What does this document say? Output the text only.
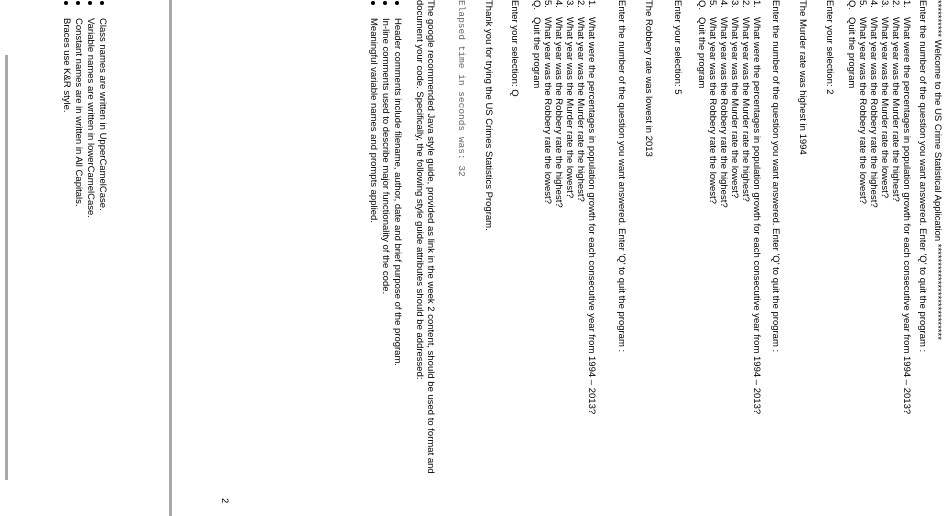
********** Welcome to the US Crime Statistical Application **************************
Enter the number of the question you want answered. Enter 'Q' to quit the program :
1.
What were the percentages in population growth for each consecutive year from 1994 – 2013?
2.
What year was the Murder rate the highest?
3.
What year was the Murder rate the lowest?
4.
What year was the Robbery rate the highest?
5.
What year was the Robbery rate the lowest?
Q.
Quit the program
Enter your selection: 2
The Murder rate was highest in 1994
Enter the number of the question you want answered. Enter 'Q' to quit the program :
1.
What were the percentages in population growth for each consecutive year from 1994 – 2013?
2.
What year was the Murder rate the highest?
3.
What year was the Murder rate the lowest?
4.
What year was the Robbery rate the highest?
5.
What year was the Robbery rate the lowest?
Q.
Quit the program
Enter your selection: 5
The Robbery rate was lowest in 2013
Enter the number of the question you want answered. Enter 'Q' to quit the program :
1.
What were the percentages in population growth for each consecutive year from 1994 – 2013?
2.
What year was the Murder rate the highest?
3.
What year was the Murder rate the lowest?
4.
What year was the Robbery rate the highest?
5.
What year was the Robbery rate the lowest?
Q.
Quit the program
Enter your selection: Q
Thank you for trying the US Crimes Statistics Program.
Elapsed time in seconds was: 32
The google recommended Java style guide, provided as link in the week 2 content, should be used to format and document your code. Specifically, the following style guide attributes should be addressed:
Header comments include filename, author, date and brief purpose of the program.
In-line comments used to describe major functionality of the code.
Meaningful variable names and prompts applied.
2
Class names are written in UpperCamelCase.
Variable names are written in lowerCamelCase.
Constant names are in written in All Capitals.
Braces use K&R style.
